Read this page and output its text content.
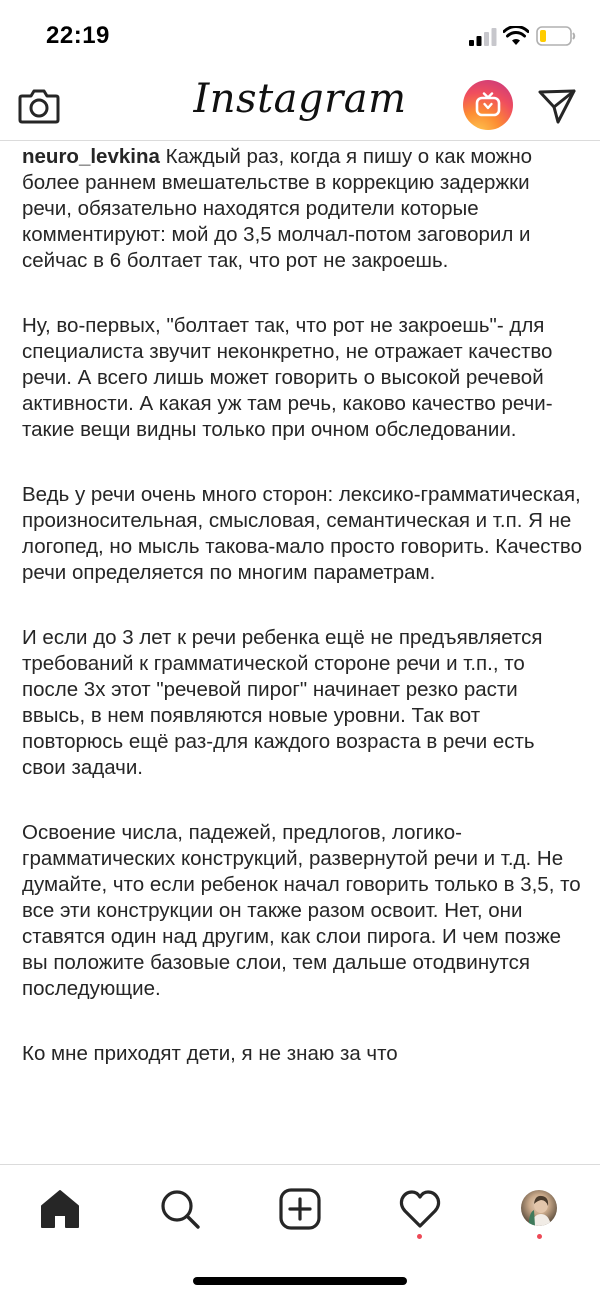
22:19
Instagram

neuro_levkina Каждый раз, когда я пишу о как можно более раннем вмешательстве в коррекцию задержки речи, обязательно находятся родители которые комментируют: мой до 3,5 молчал-потом заговорил и сейчас в 6 болтает так, что рот не закроешь.

Ну, во-первых, "болтает так, что рот не закроешь"- для специалиста звучит неконкретно, не отражает качество речи. А всего лишь может говорить о высокой речевой активности. А какая уж там речь, каково качество речи-такие вещи видны только при очном обследовании.

Ведь у речи очень много сторон: лексико-грамматическая, произносительная, смысловая, семантическая и т.п. Я не логопед, но мысль такова-мало просто говорить. Качество речи определяется по многим параметрам.

И если до 3 лет к речи ребенка ещё не предъявляется требований к грамматической стороне речи и т.п., то после 3х этот "речевой пирог" начинает резко расти ввысь, в нем появляются новые уровни. Так вот повторюсь ещё раз-для каждого возраста в речи есть свои задачи.

Освоение числа, падежей, предлогов, логико-грамматических конструкций, развернутой речи и т.д. Не думайте, что если ребенок начал говорить только в 3,5, то все эти конструкции он также разом освоит. Нет, они ставятся один над другим, как слои пирога. И чем позже вы положите базовые слои, тем дальше отодвинутся последующие.

Ко мне приходят дети, я не знаю за что
